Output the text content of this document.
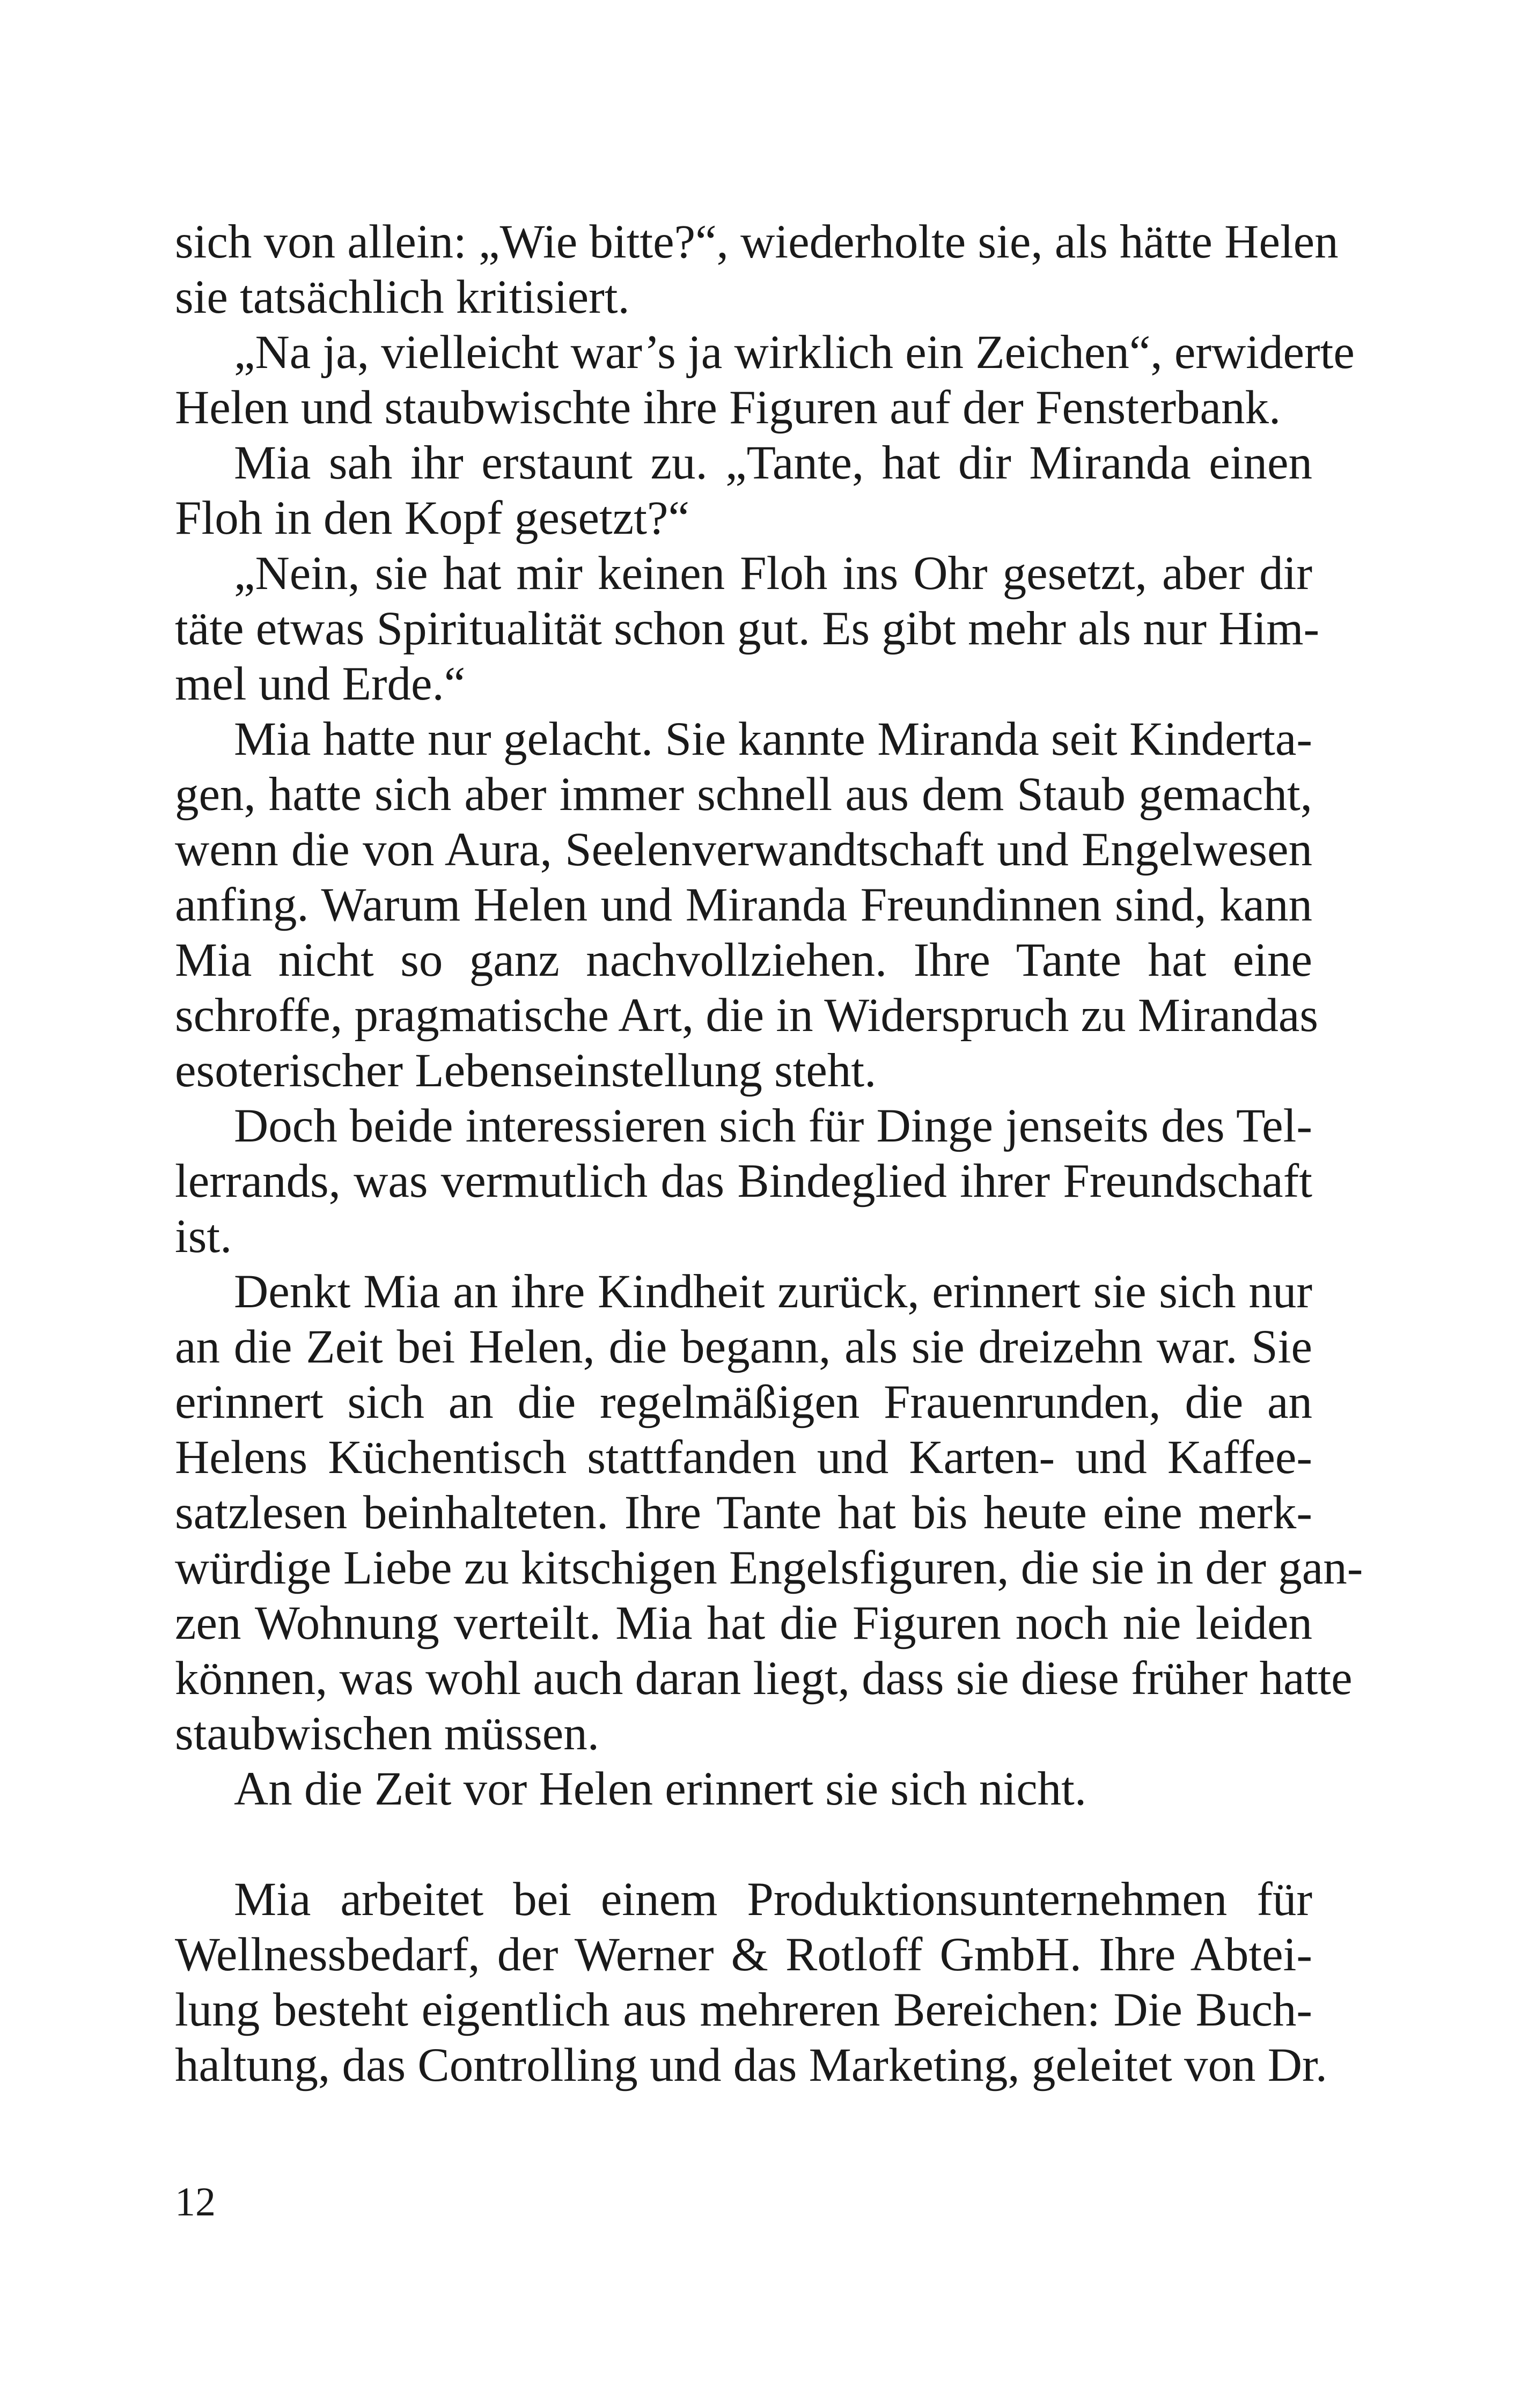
sich von allein: „Wie bitte?“, wiederholte sie, als hätte Helen
sie tatsächlich kritisiert.
„Na ja, vielleicht war’s ja wirklich ein Zeichen“, erwiderte
Helen und staubwischte ihre Figuren auf der Fensterbank.
Mia sah ihr erstaunt zu. „Tante, hat dir Miranda einen
Floh in den Kopf gesetzt?“
„Nein, sie hat mir keinen Floh ins Ohr gesetzt, aber dir
täte etwas Spiritualität schon gut. Es gibt mehr als nur Him-
mel und Erde.“
Mia hatte nur gelacht. Sie kannte Miranda seit Kinderta-
gen, hatte sich aber immer schnell aus dem Staub gemacht,
wenn die von Aura, Seelenverwandtschaft und Engelwesen
anfing. Warum Helen und Miranda Freundinnen sind, kann
Mia nicht so ganz nachvollziehen. Ihre Tante hat eine
schroffe, pragmatische Art, die in Widerspruch zu Mirandas
esoterischer Lebenseinstellung steht.
Doch beide interessieren sich für Dinge jenseits des Tel-
lerrands, was vermutlich das Bindeglied ihrer Freundschaft
ist.
Denkt Mia an ihre Kindheit zurück, erinnert sie sich nur
an die Zeit bei Helen, die begann, als sie dreizehn war. Sie
erinnert sich an die regelmäßigen Frauenrunden, die an
Helens Küchentisch stattfanden und Karten- und Kaffee-
satzlesen beinhalteten. Ihre Tante hat bis heute eine merk-
würdige Liebe zu kitschigen Engelsfiguren, die sie in der gan-
zen Wohnung verteilt. Mia hat die Figuren noch nie leiden
können, was wohl auch daran liegt, dass sie diese früher hatte
staubwischen müssen.
An die Zeit vor Helen erinnert sie sich nicht.
Mia arbeitet bei einem Produktionsunternehmen für
Wellnessbedarf, der Werner & Rotloff GmbH. Ihre Abtei-
lung besteht eigentlich aus mehreren Bereichen: Die Buch-
haltung, das Controlling und das Marketing, geleitet von Dr.
12
